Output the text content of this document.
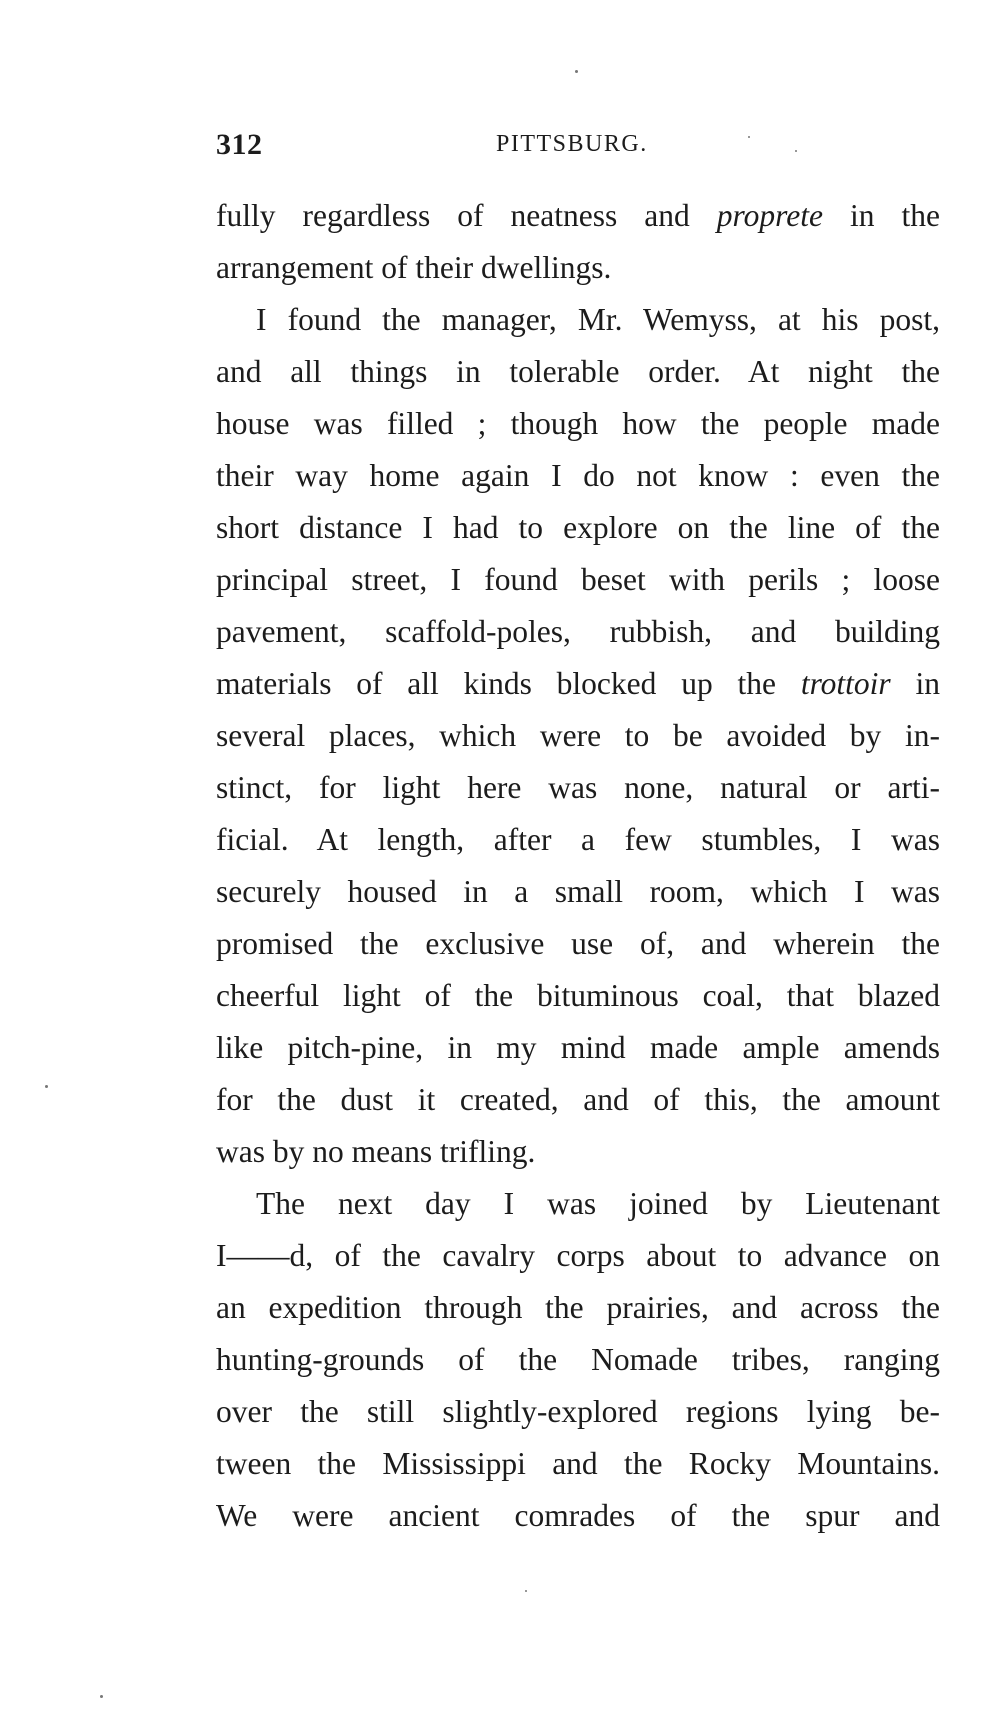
312	PITTSBURG.
fully regardless of neatness and proprete in the
arrangement of their dwellings.
I found the manager, Mr. Wemyss, at his post,
and all things in tolerable order. At night the
house was filled ; though how the people made
their way home again I do not know : even the
short distance I had to explore on the line of the
principal street, I found beset with perils ; loose
pavement, scaffold-poles, rubbish, and building
materials of all kinds blocked up the trottoir in
several places, which were to be avoided by in-
stinct, for light here was none, natural or arti-
ficial. At length, after a few stumbles, I was
securely housed in a small room, which I was
promised the exclusive use of, and wherein the
cheerful light of the bituminous coal, that blazed
like pitch-pine, in my mind made ample amends
for the dust it created, and of this, the amount
was by no means trifling.
The next day I was joined by Lieutenant
I——d, of the cavalry corps about to advance on
an expedition through the prairies, and across the
hunting-grounds of the Nomade tribes, ranging
over the still slightly-explored regions lying be-
tween the Mississippi and the Rocky Mountains.
We were ancient comrades of the spur and
